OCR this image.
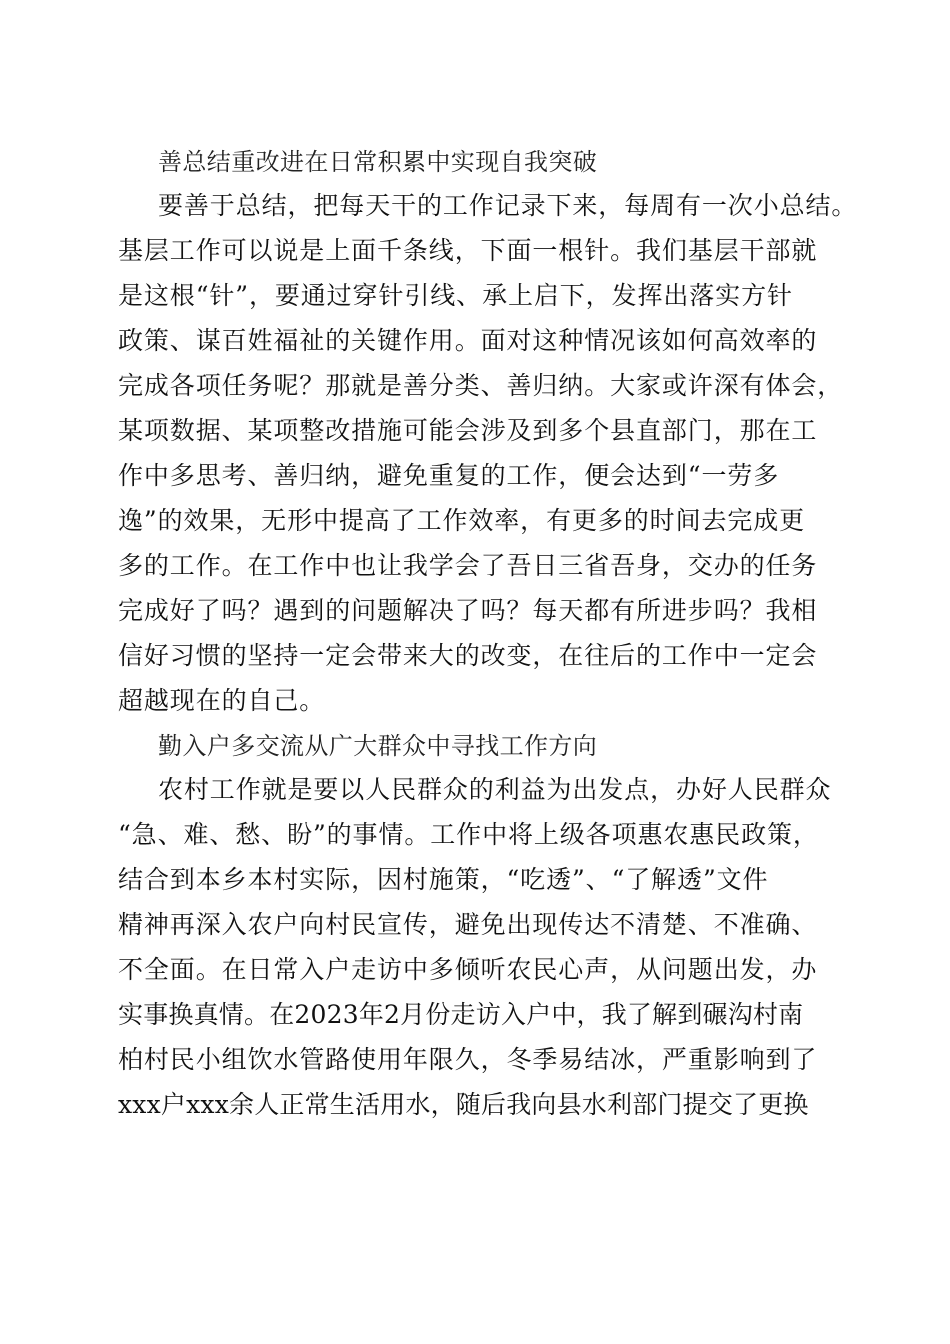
善总结重改进在日常积累中实现自我突破
要善于总结，把每天干的工作记录下来，每周有一次小总结。
基层工作可以说是上面千条线，下面一根针。我们基层干部就
是这根“针”，要通过穿针引线、承上启下，发挥出落实方针
政策、谋百姓福祉的关键作用。面对这种情况该如何高效率的
完成各项任务呢？那就是善分类、善归纳。大家或许深有体会，
某项数据、某项整改措施可能会涉及到多个县直部门，那在工
作中多思考、善归纳，避免重复的工作，便会达到“一劳多
逸”的效果，无形中提高了工作效率，有更多的时间去完成更
多的工作。在工作中也让我学会了吾日三省吾身，交办的任务
完成好了吗？遇到的问题解决了吗？每天都有所进步吗？我相
信好习惯的坚持一定会带来大的改变，在往后的工作中一定会
超越现在的自己。
勤入户多交流从广大群众中寻找工作方向
农村工作就是要以人民群众的利益为出发点，办好人民群众
“急、难、愁、盼”的事情。工作中将上级各项惠农惠民政策，
结合到本乡本村实际，因村施策，“吃透”、“了解透”文件
精神再深入农户向村民宣传，避免出现传达不清楚、不准确、
不全面。在日常入户走访中多倾听农民心声，从问题出发，办
实事换真情。在2023年2月份走访入户中，我了解到碾沟村南
柏村民小组饮水管路使用年限久，冬季易结冰，严重影响到了
xxx户xxx余人正常生活用水，随后我向县水利部门提交了更换
